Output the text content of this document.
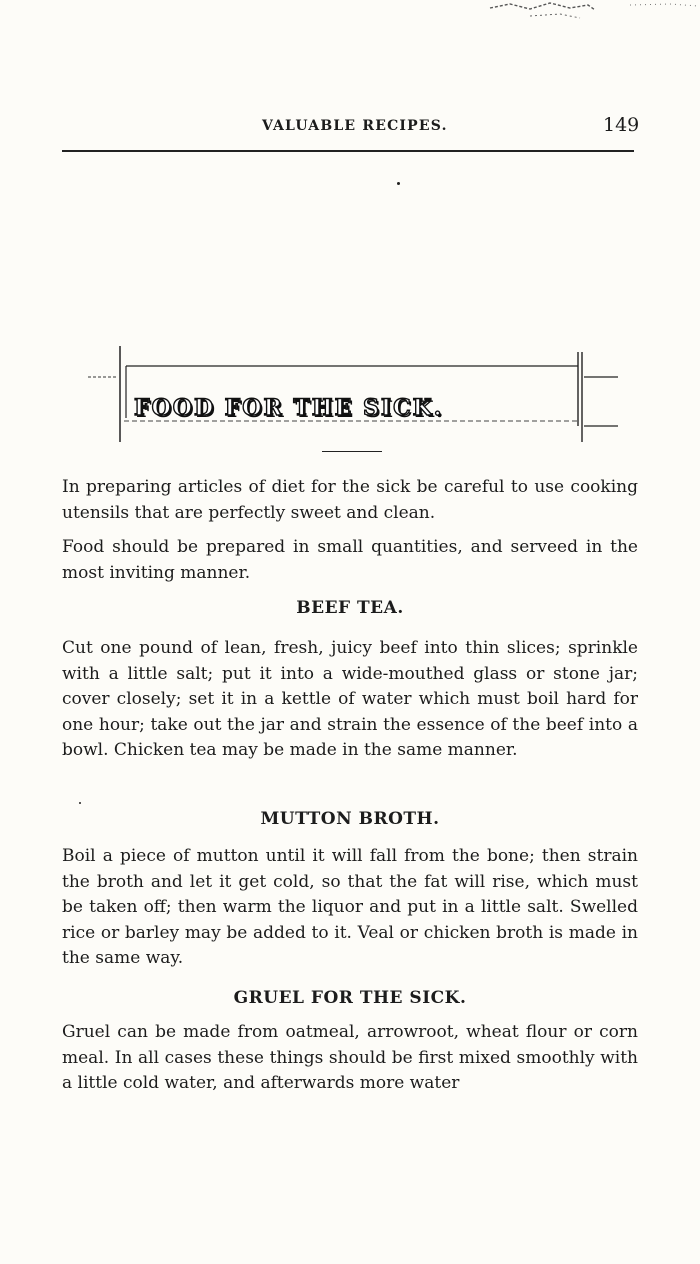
VALUABLE RECIPES.	149
FOOD FOR THE SICK.

In preparing articles of diet for the sick be careful to use cooking utensils that are perfectly sweet and clean.

Food should be prepared in small quantities, and serveed in the most inviting manner.

BEEF TEA.

Cut one pound of lean, fresh, juicy beef into thin slices; sprinkle with a little salt; put it into a wide-mouthed glass or stone jar; cover closely; set it in a kettle of water which must boil hard for one hour; take out the jar and strain the essence of the beef into a bowl. Chicken tea may be made in the same manner.

MUTTON BROTH.

Boil a piece of mutton until it will fall from the bone; then strain the broth and let it get cold, so that the fat will rise, which must be taken off; then warm the liquor and put in a little salt. Swelled rice or barley may be added to it. Veal or chicken broth is made in the same way.

GRUEL FOR THE SICK.

Gruel can be made from oatmeal, arrowroot, wheat flour or corn meal. In all cases these things should be first mixed smoothly with a little cold water, and afterwards more water
